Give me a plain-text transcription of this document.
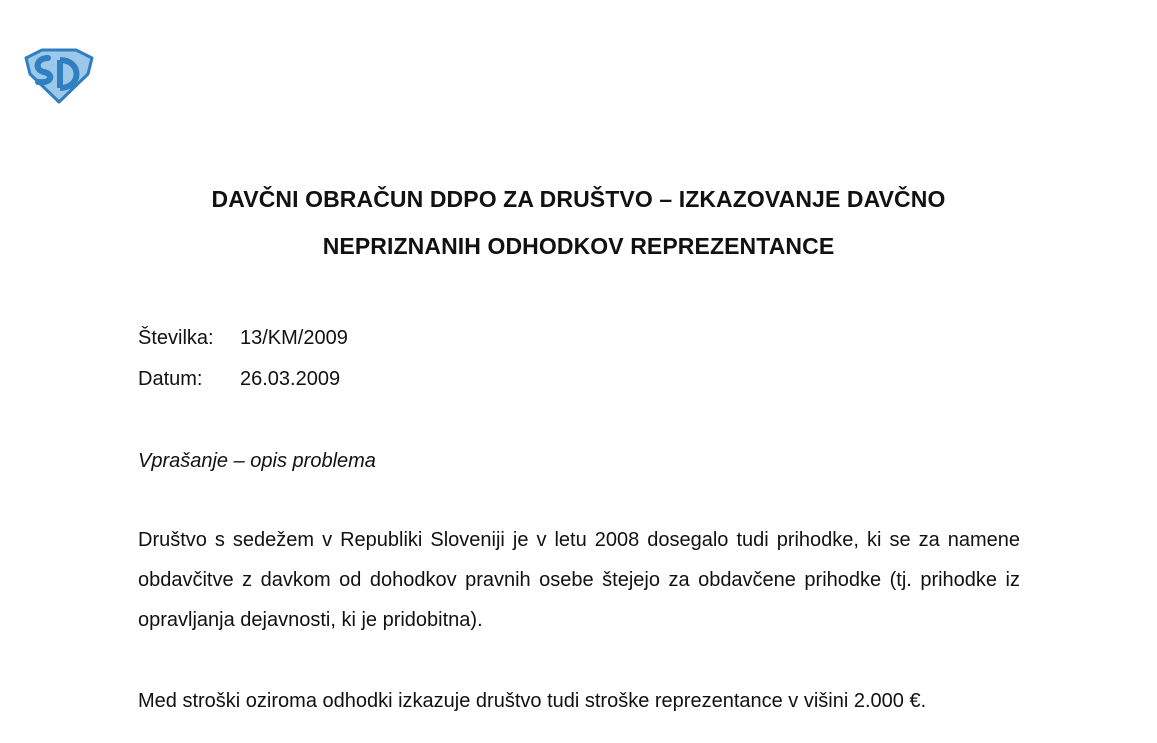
DAVČNI OBRAČUN DDPO ZA DRUŠTVO – IZKAZOVANJE DAVČNO
NEPRIZNANIH ODHODKOV REPREZENTANCE
Številka: 13/KM/2009
Datum: 26.03.2009
Vprašanje – opis problema
Društvo s sedežem v Republiki Sloveniji je v letu 2008 dosegalo tudi prihodke, ki se za namene obdavčitve z davkom od dohodkov pravnih osebe štejejo za obdavčene prihodke (tj. prihodke iz opravljanja dejavnosti, ki je pridobitna).
Med stroški oziroma odhodki izkazuje društvo tudi stroške reprezentance v višini 2.000 €.
